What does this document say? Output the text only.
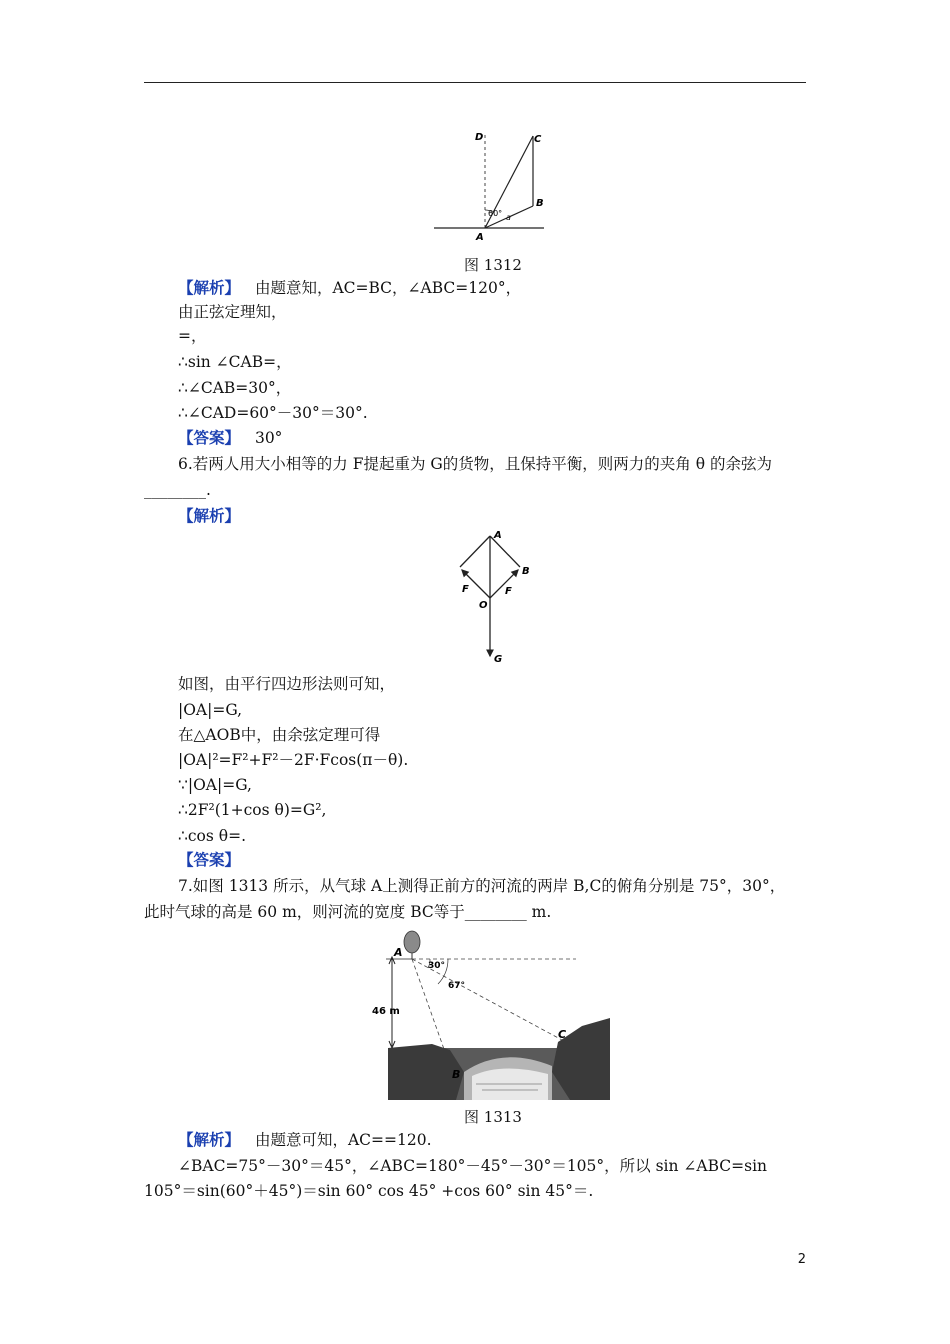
A
B
C
D
60° a
图 1312
【解析】 由题意知，AC=BC，∠ABC=120°，
由正弦定理知，
=，
∴sin ∠CAB=，
∴∠CAB=30°，
∴∠CAD=60°－30°＝30°.
【答案】 30°
6.若两人用大小相等的力 F提起重为 G的货物，且保持平衡，则两力的夹角 θ 的余弦为
________.
【解析】
A
B
O
G
F	F
如图，由平行四边形法则可知，
|OA|=G,
在△AOB中，由余弦定理可得
|OA|²=F²+F²－2F·Fcos(π－θ).
∵|OA|=G,
∴2F²(1+cos θ)=G²,
∴cos θ=.
【答案】
7.如图 1313 所示，从气球 A上测得正前方的河流的两岸 B,C的俯角分别是 75°，30°，
此时气球的高是 60 m，则河流的宽度 BC等于________ m.
A
B
C
46 m
30°
67°
图 1313
【解析】 由题意可知，AC==120.
∠BAC=75°－30°＝45°，∠ABC=180°－45°－30°＝105°，所以 sin ∠ABC=sin
105°＝sin(60°＋45°)＝sin 60° cos 45° +cos 60° sin 45°＝.
2
